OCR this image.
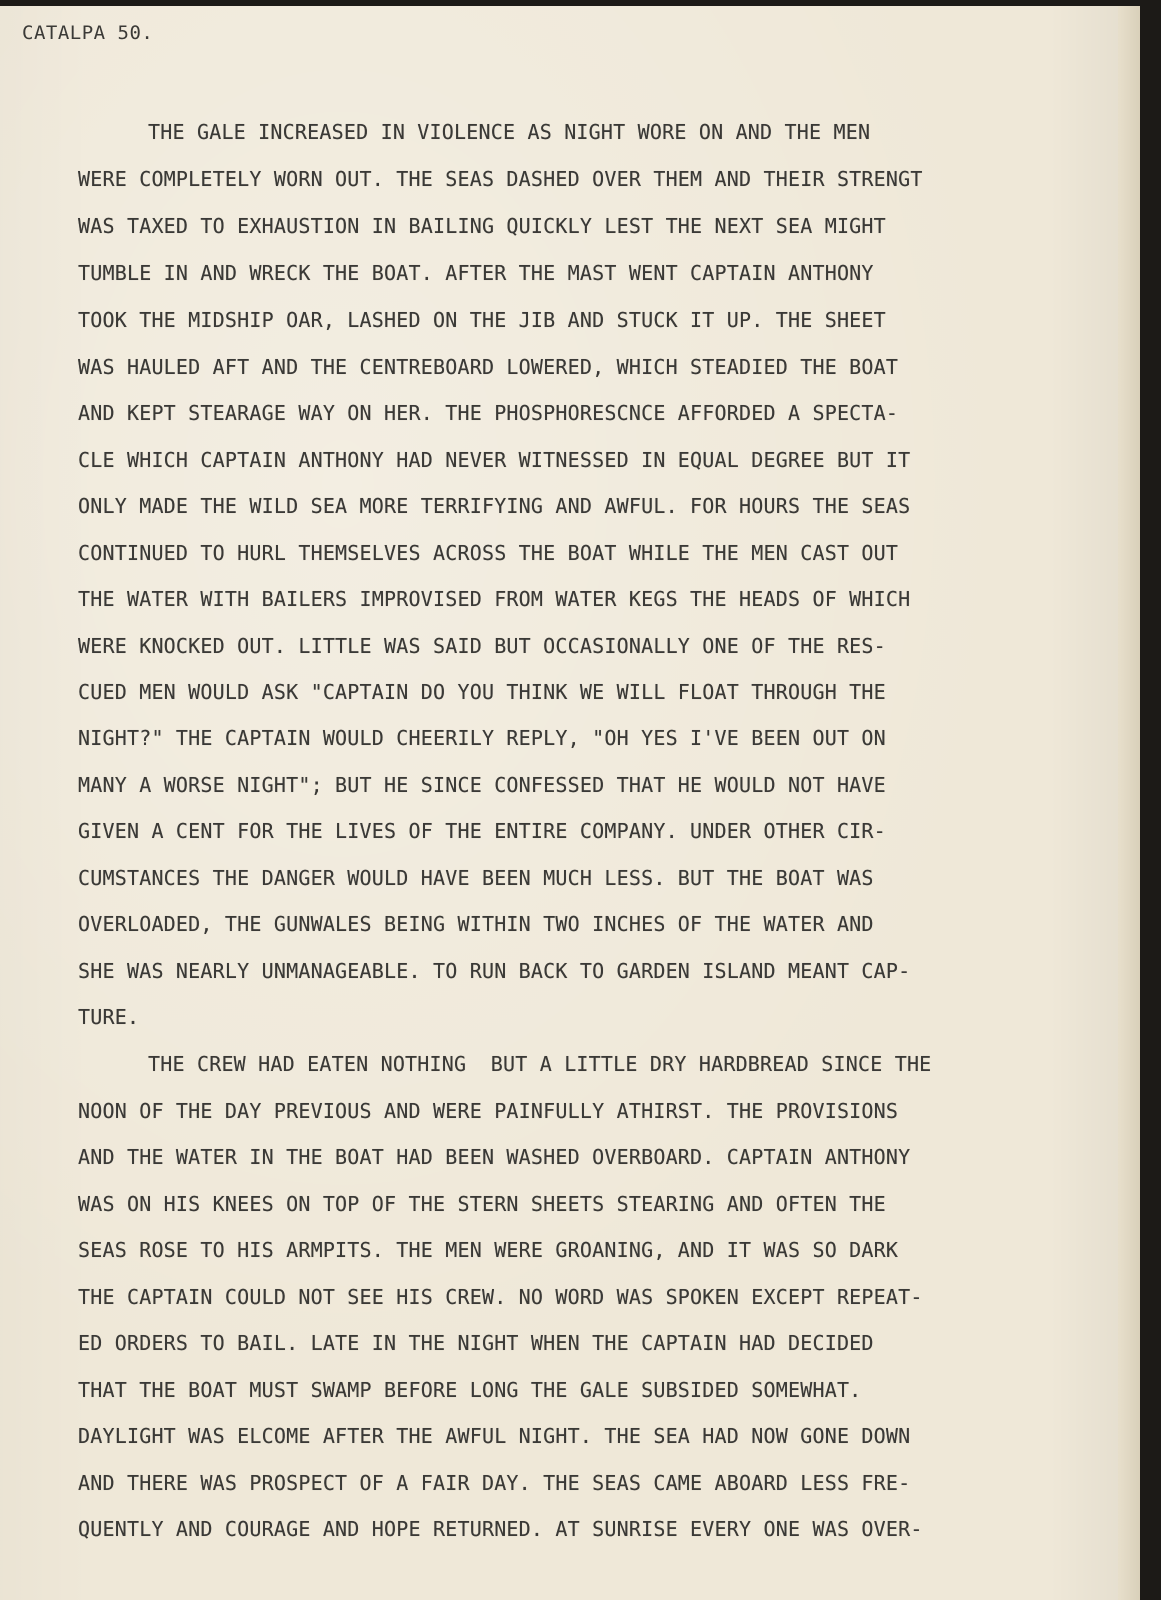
CATALPA 50.
THE GALE INCREASED IN VIOLENCE AS NIGHT WORE ON AND THE MEN
WERE COMPLETELY WORN OUT. THE SEAS DASHED OVER THEM AND THEIR STRENGT
WAS TAXED TO EXHAUSTION IN BAILING QUICKLY LEST THE NEXT SEA MIGHT
TUMBLE IN AND WRECK THE BOAT. AFTER THE MAST WENT CAPTAIN ANTHONY
TOOK THE MIDSHIP OAR, LASHED ON THE JIB AND STUCK IT UP. THE SHEET
WAS HAULED AFT AND THE CENTREBOARD LOWERED, WHICH STEADIED THE BOAT
AND KEPT STEARAGE WAY ON HER. THE PHOSPHORESCNCE AFFORDED A SPECTA-
CLE WHICH CAPTAIN ANTHONY HAD NEVER WITNESSED IN EQUAL DEGREE BUT IT
ONLY MADE THE WILD SEA MORE TERRIFYING AND AWFUL. FOR HOURS THE SEAS
CONTINUED TO HURL THEMSELVES ACROSS THE BOAT WHILE THE MEN CAST OUT
THE WATER WITH BAILERS IMPROVISED FROM WATER KEGS THE HEADS OF WHICH
WERE KNOCKED OUT. LITTLE WAS SAID BUT OCCASIONALLY ONE OF THE RES-
CUED MEN WOULD ASK "CAPTAIN DO YOU THINK WE WILL FLOAT THROUGH THE
NIGHT?" THE CAPTAIN WOULD CHEERILY REPLY, "OH YES I'VE BEEN OUT ON
MANY A WORSE NIGHT"; BUT HE SINCE CONFESSED THAT HE WOULD NOT HAVE
GIVEN A CENT FOR THE LIVES OF THE ENTIRE COMPANY. UNDER OTHER CIR-
CUMSTANCES THE DANGER WOULD HAVE BEEN MUCH LESS. BUT THE BOAT WAS
OVERLOADED, THE GUNWALES BEING WITHIN TWO INCHES OF THE WATER AND
SHE WAS NEARLY UNMANAGEABLE. TO RUN BACK TO GARDEN ISLAND MEANT CAP-
TURE.
THE CREW HAD EATEN NOTHING  BUT A LITTLE DRY HARDBREAD SINCE THE
NOON OF THE DAY PREVIOUS AND WERE PAINFULLY ATHIRST. THE PROVISIONS
AND THE WATER IN THE BOAT HAD BEEN WASHED OVERBOARD. CAPTAIN ANTHONY
WAS ON HIS KNEES ON TOP OF THE STERN SHEETS STEARING AND OFTEN THE
SEAS ROSE TO HIS ARMPITS. THE MEN WERE GROANING, AND IT WAS SO DARK
THE CAPTAIN COULD NOT SEE HIS CREW. NO WORD WAS SPOKEN EXCEPT REPEAT-
ED ORDERS TO BAIL. LATE IN THE NIGHT WHEN THE CAPTAIN HAD DECIDED
THAT THE BOAT MUST SWAMP BEFORE LONG THE GALE SUBSIDED SOMEWHAT.
DAYLIGHT WAS ELCOME AFTER THE AWFUL NIGHT. THE SEA HAD NOW GONE DOWN
AND THERE WAS PROSPECT OF A FAIR DAY. THE SEAS CAME ABOARD LESS FRE-
QUENTLY AND COURAGE AND HOPE RETURNED. AT SUNRISE EVERY ONE WAS OVER-
